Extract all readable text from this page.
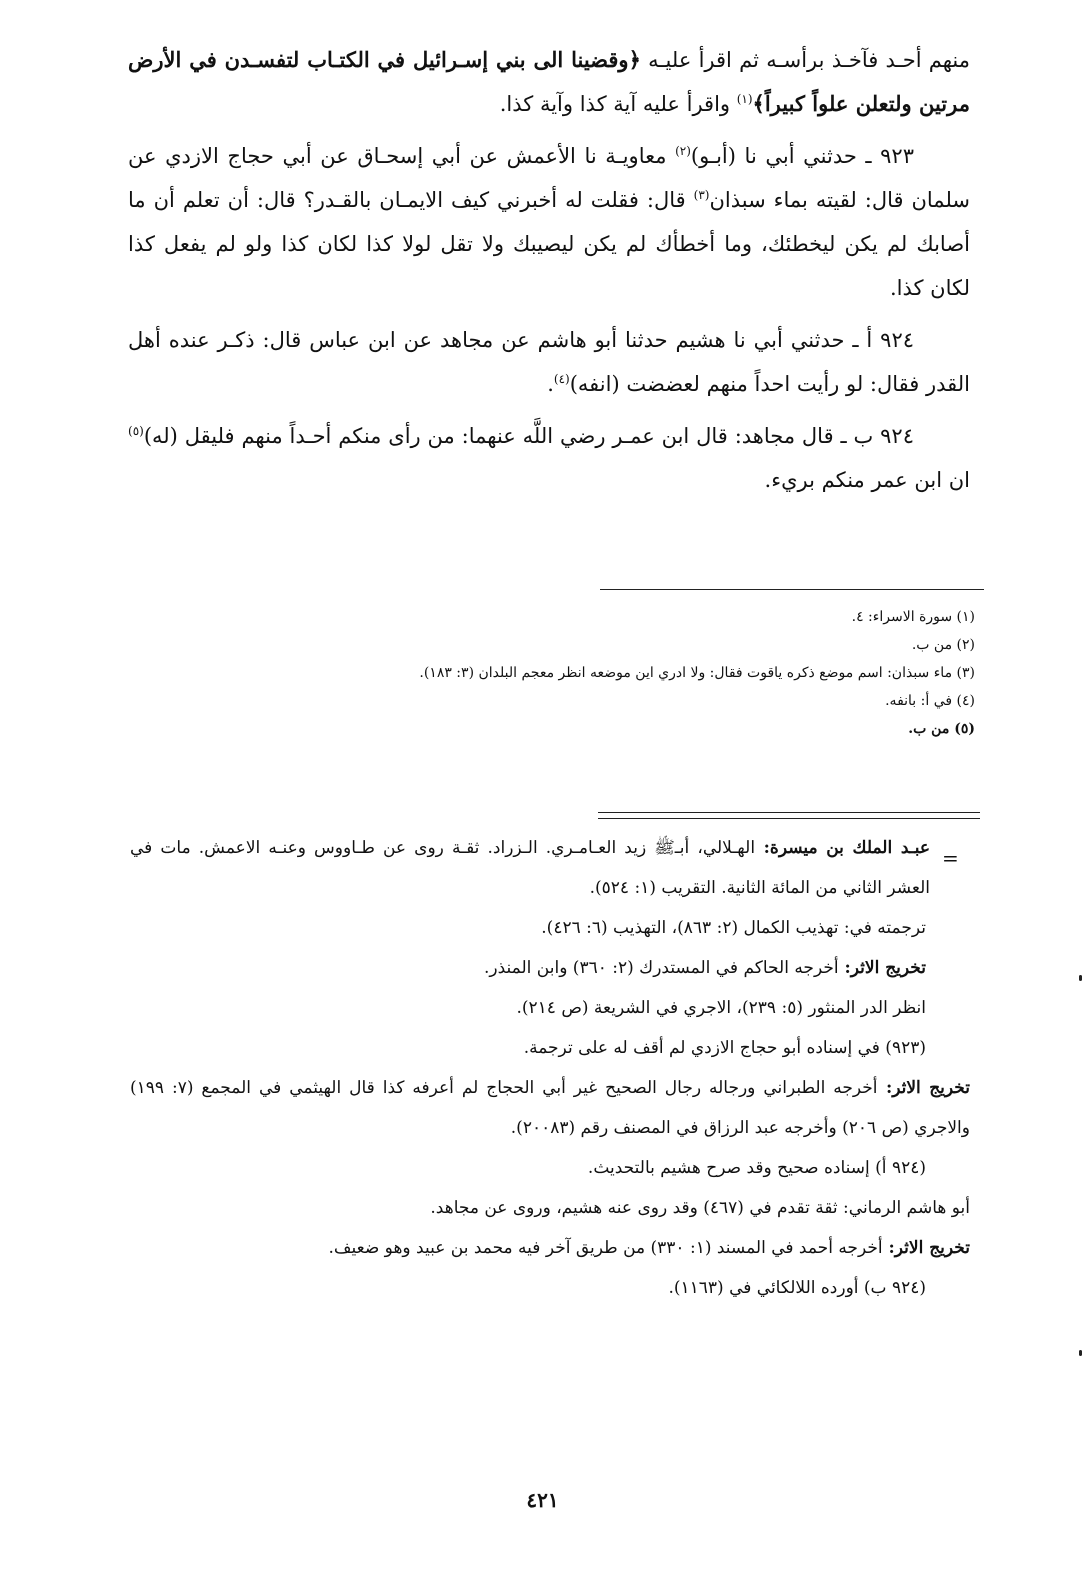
منهم أحـد فآخـذ برأسـه ثم اقرأ عليـه ﴿وقضينا الى بني إسـرائيل في الكتـاب لتفسـدن في الأرض مرتين ولتعلن علواً كبيراً﴾$^{(١)}$ واقرأ عليه آية كذا وآية كذا.

٩٢٣ ـ حدثني أبي نا (أبـو)$^{(٢)}$ معاويـة نا الأعمش عن أبي إسحـاق عن أبي حجاج الازدي عن سلمان قال: لقيته بماء سبذان$^{(٣)}$ قال: فقلت له أخبرني كيف الايمـان بالقـدر؟ قال: أن تعلم أن ما أصابك لم يكن ليخطئك، وما أخطأك لم يكن ليصيبك ولا تقل لولا كذا لكان كذا ولو لم يفعل كذا لكان كذا.

٩٢٤ أ ـ حدثني أبي نا هشيم حدثنا أبو هاشم عن مجاهد عن ابن عباس قال: ذكـر عنده أهل القدر فقال: لو رأيت احداً منهم لعضضت (انفه)$^{(٤)}$.

٩٢٤ ب ـ قال مجاهد: قال ابن عمـر رضي اللَّه عنهما: من رأى منكم أحـداً منهم فليقل (له)$^{(٥)}$ ان ابن عمر منكم بريء.

(١) سورة الاسراء: ٤.
(٢) من ب.
(٣) ماء سبذان: اسم موضع ذكره ياقوت فقال: ولا ادري اين موضعه انظر معجم البلدان (٣: ١٨٣).
(٤) في أ: بانفه.
(٥) من ب.
=

عبـد الملك بن ميسرة: الهـلالي، أبـﷺ زيد العـامـري. الـزراد. ثقـة روى عن طـاووس وعنـه الاعمش. مات في العشر الثاني من المائة الثانية. التقريب (١: ٥٢٤).

ترجمته في: تهذيب الكمال (٢: ٨٦٣)، التهذيب (٦: ٤٢٦).

تخريج الاثر: أخرجه الحاكم في المستدرك (٢: ٣٦٠) وابن المنذر.

انظر الدر المنثور (٥: ٢٣٩)، الاجري في الشريعة (ص ٢١٤).

(٩٢٣) في إسناده أبو حجاج الازدي لم أقف له على ترجمة.

تخريج الاثر: أخرجه الطبراني ورجاله رجال الصحيح غير أبي الحجاج لم أعرفه كذا قال الهيثمي في المجمع (٧: ١٩٩) والاجري (ص ٢٠٦) وأخرجه عبد الرزاق في المصنف رقم (٢٠٠٨٣).

(٩٢٤ أ) إسناده صحيح وقد صرح هشيم بالتحديث.

أبو هاشم الرماني: ثقة تقدم في (٤٦٧) وقد روى عنه هشيم، وروى عن مجاهد.

تخريج الاثر: أخرجه أحمد في المسند (١: ٣٣٠) من طريق آخر فيه محمد بن عبيد وهو ضعيف.

(٩٢٤ ب) أورده اللالكائي في (١١٦٣).

٤٢١
